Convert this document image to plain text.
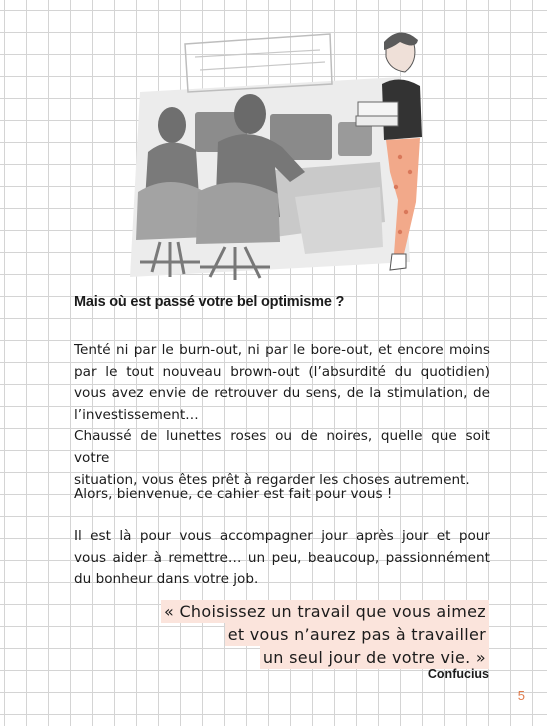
Mais où est passé votre bel optimisme ?

Tenté ni par le burn-out, ni par le bore-out, et encore moins
par le tout nouveau brown-out (l’absurdité du quotidien)
vous avez envie de retrouver du sens, de la stimulation, de
l’investissement…
Chaussé de lunettes roses ou de noires, quelle que soit votre
situation, vous êtes prêt à regarder les choses autrement.

Alors, bienvenue, ce cahier est fait pour vous !

Il est là pour vous accompagner jour après jour et pour
vous aider à remettre… un peu, beaucoup, passionnément
du bonheur dans votre job.

« Choisissez un travail que vous aimez
et vous n’aurez pas à travailler
un seul jour de votre vie. »
Confucius
5
